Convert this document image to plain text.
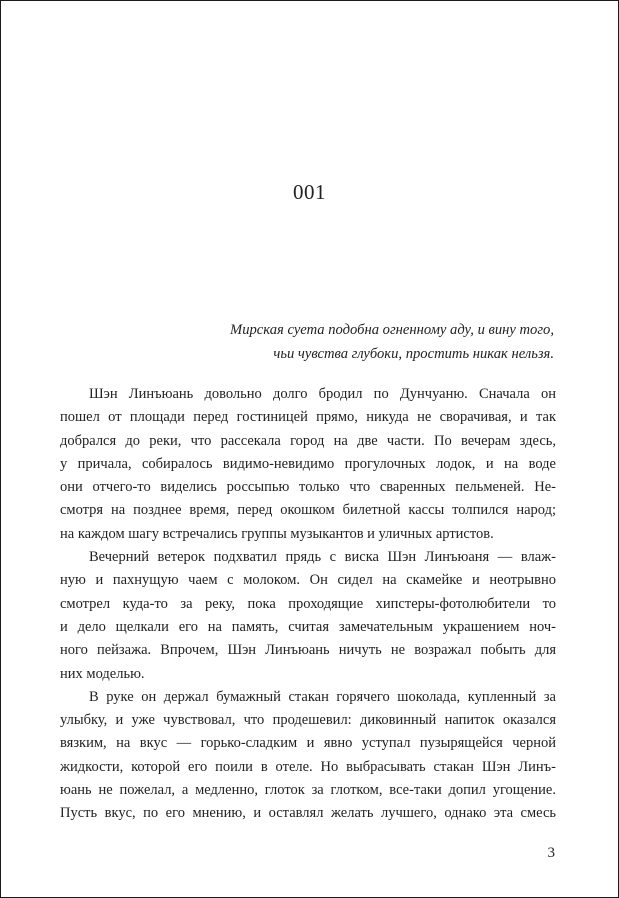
001
Мирская суета подобна огненному аду, и вину того,
чьи чувства глубоки, простить никак нельзя.

Шэн Линъюань довольно долго бродил по Дунчуаню. Сначала он
пошел от площади перед гостиницей прямо, никуда не сворачивая, и так
добрался до реки, что рассекала город на две части. По вечерам здесь,
у причала, собиралось видимо-невидимо прогулочных лодок, и на воде
они отчего-то виделись россыпью только что сваренных пельменей. Не-
смотря на позднее время, перед окошком билетной кассы толпился народ;
на каждом шагу встречались группы музыкантов и уличных артистов.

Вечерний ветерок подхватил прядь с виска Шэн Линъюаня — влаж-
ную и пахнущую чаем с молоком. Он сидел на скамейке и неотрывно
смотрел куда-то за реку, пока проходящие хипстеры-фотолюбители то
и дело щелкали его на память, считая замечательным украшением ноч-
ного пейзажа. Впрочем, Шэн Линъюань ничуть не возражал побыть для
них моделью.

В руке он держал бумажный стакан горячего шоколада, купленный за
улыбку, и уже чувствовал, что продешевил: диковинный напиток оказался
вязким, на вкус — горько-сладким и явно уступал пузырящейся черной
жидкости, которой его поили в отеле. Но выбрасывать стакан Шэн Линъ-
юань не пожелал, а медленно, глоток за глотком, все-таки допил угощение.
Пусть вкус, по его мнению, и оставлял желать лучшего, однако эта смесь

3
